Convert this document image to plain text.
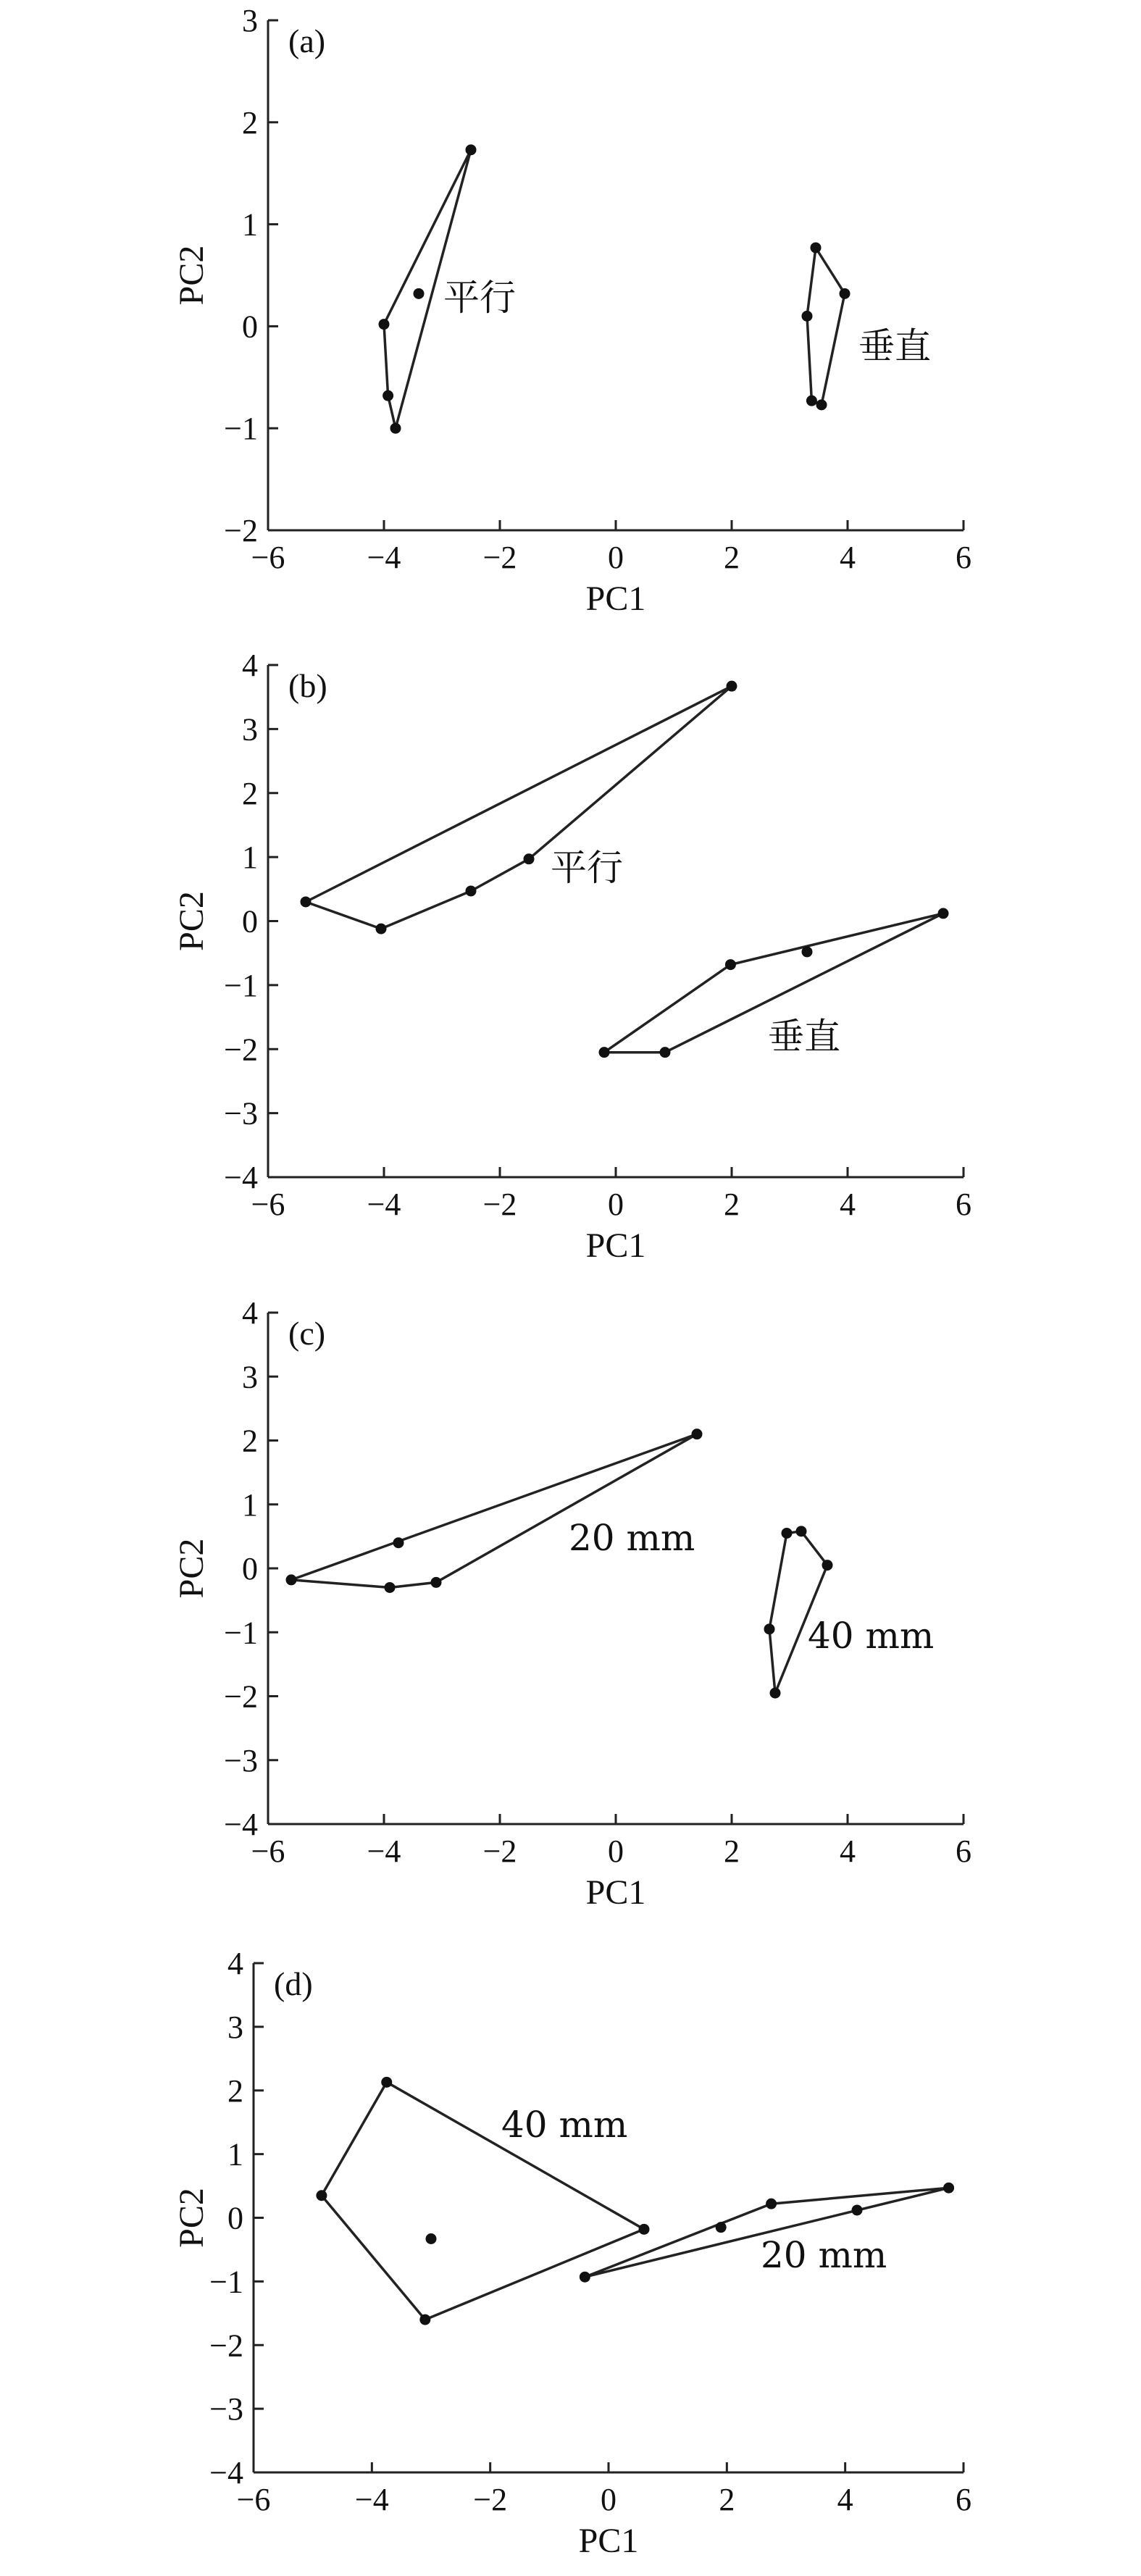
−6	−4	−2	0	2	4	6
−2
−1
0
1
2
3
PC1
PC2
(a)
平行
垂直
−6	−4	−2	0	2	4	6
−4
−3
−2
−1
0
1
2
3
4
PC1
PC2
(b)
平行
垂直
−6	−4	−2	0	2	4	6
−4
−3
−2
−1
0
1
2
3
4
PC1
PC2
(c)
20 mm
40 mm
−6	−4	−2	0	2	4	6
−4
−3
−2
−1
0
1
2
3
4
PC1
PC2
(d)
40 mm
20 mm
